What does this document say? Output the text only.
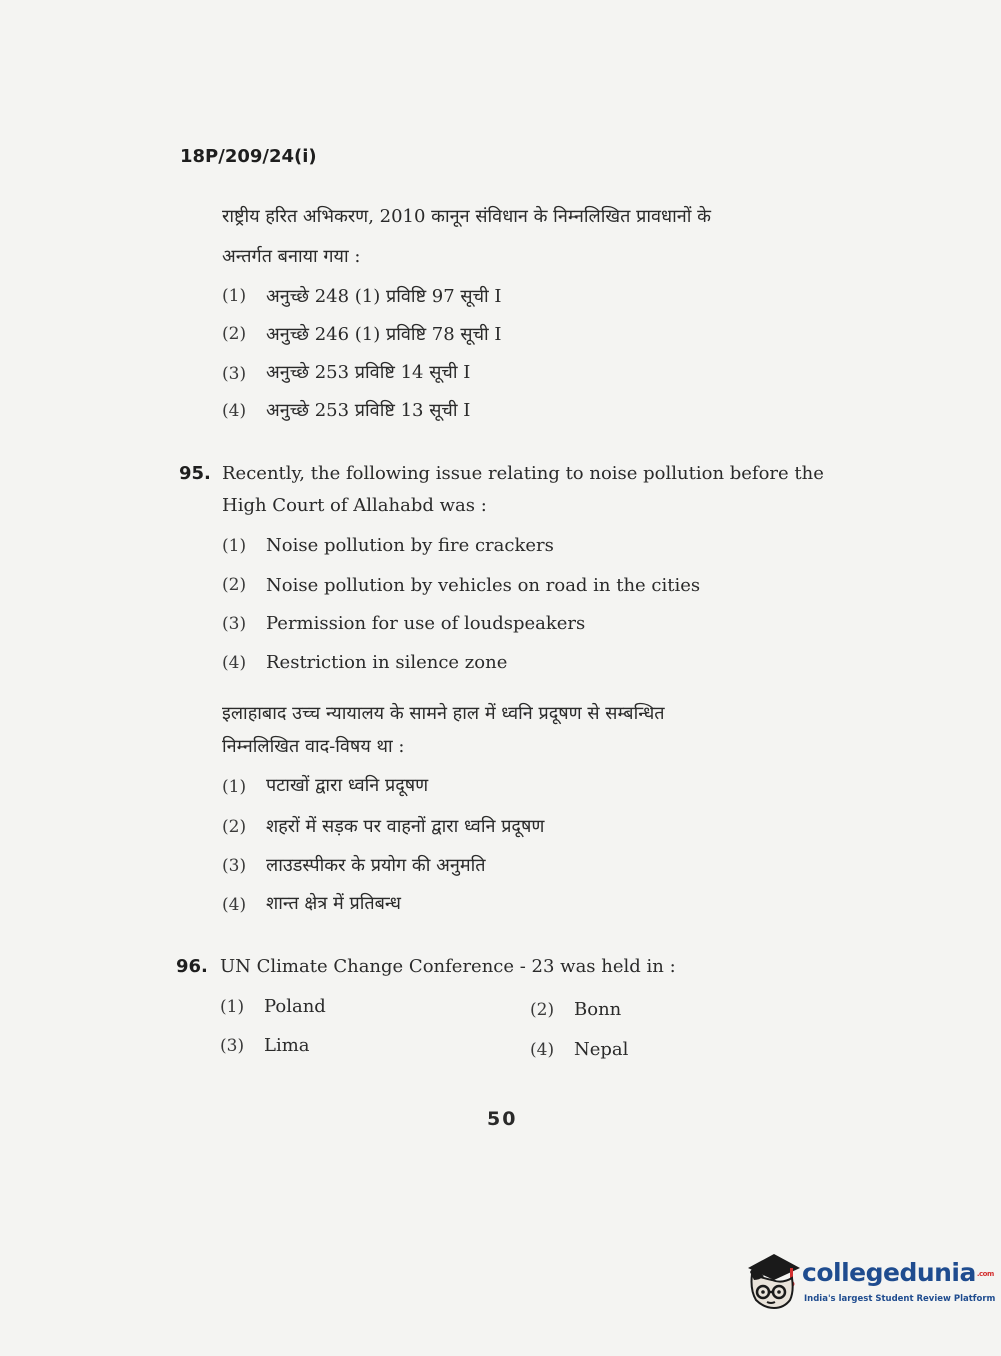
18P/209/24(i)
राष्ट्रीय हरित अभिकरण, 2010 कानून संविधान के निम्नलिखित प्रावधानों के
अन्तर्गत बनाया गया :
(1) अनुच्छे 248 (1) प्रविष्टि 97 सूची I
(2) अनुच्छे 246 (1) प्रविष्टि 78 सूची I
(3) अनुच्छे 253 प्रविष्टि 14 सूची I
(4) अनुच्छे 253 प्रविष्टि 13 सूची I
95. Recently, the following issue relating to noise pollution before the
High Court of Allahabd was :
(1) Noise pollution by fire crackers
(2) Noise pollution by vehicles on road in the cities
(3) Permission for use of loudspeakers
(4) Restriction in silence zone
इलाहाबाद उच्च न्यायालय के सामने हाल में ध्वनि प्रदूषण से सम्बन्धित
निम्नलिखित वाद-विषय था :
(1) पटाखों द्वारा ध्वनि प्रदूषण
(2) शहरों में सड़क पर वाहनों द्वारा ध्वनि प्रदूषण
(3) लाउडस्पीकर के प्रयोग की अनुमति
(4) शान्त क्षेत्र में प्रतिबन्ध
96. UN Climate Change Conference - 23 was held in :
(1) Poland	(2) Bonn
(3) Lima	(4) Nepal
50
collegedunia.com
India's largest Student Review Platform
